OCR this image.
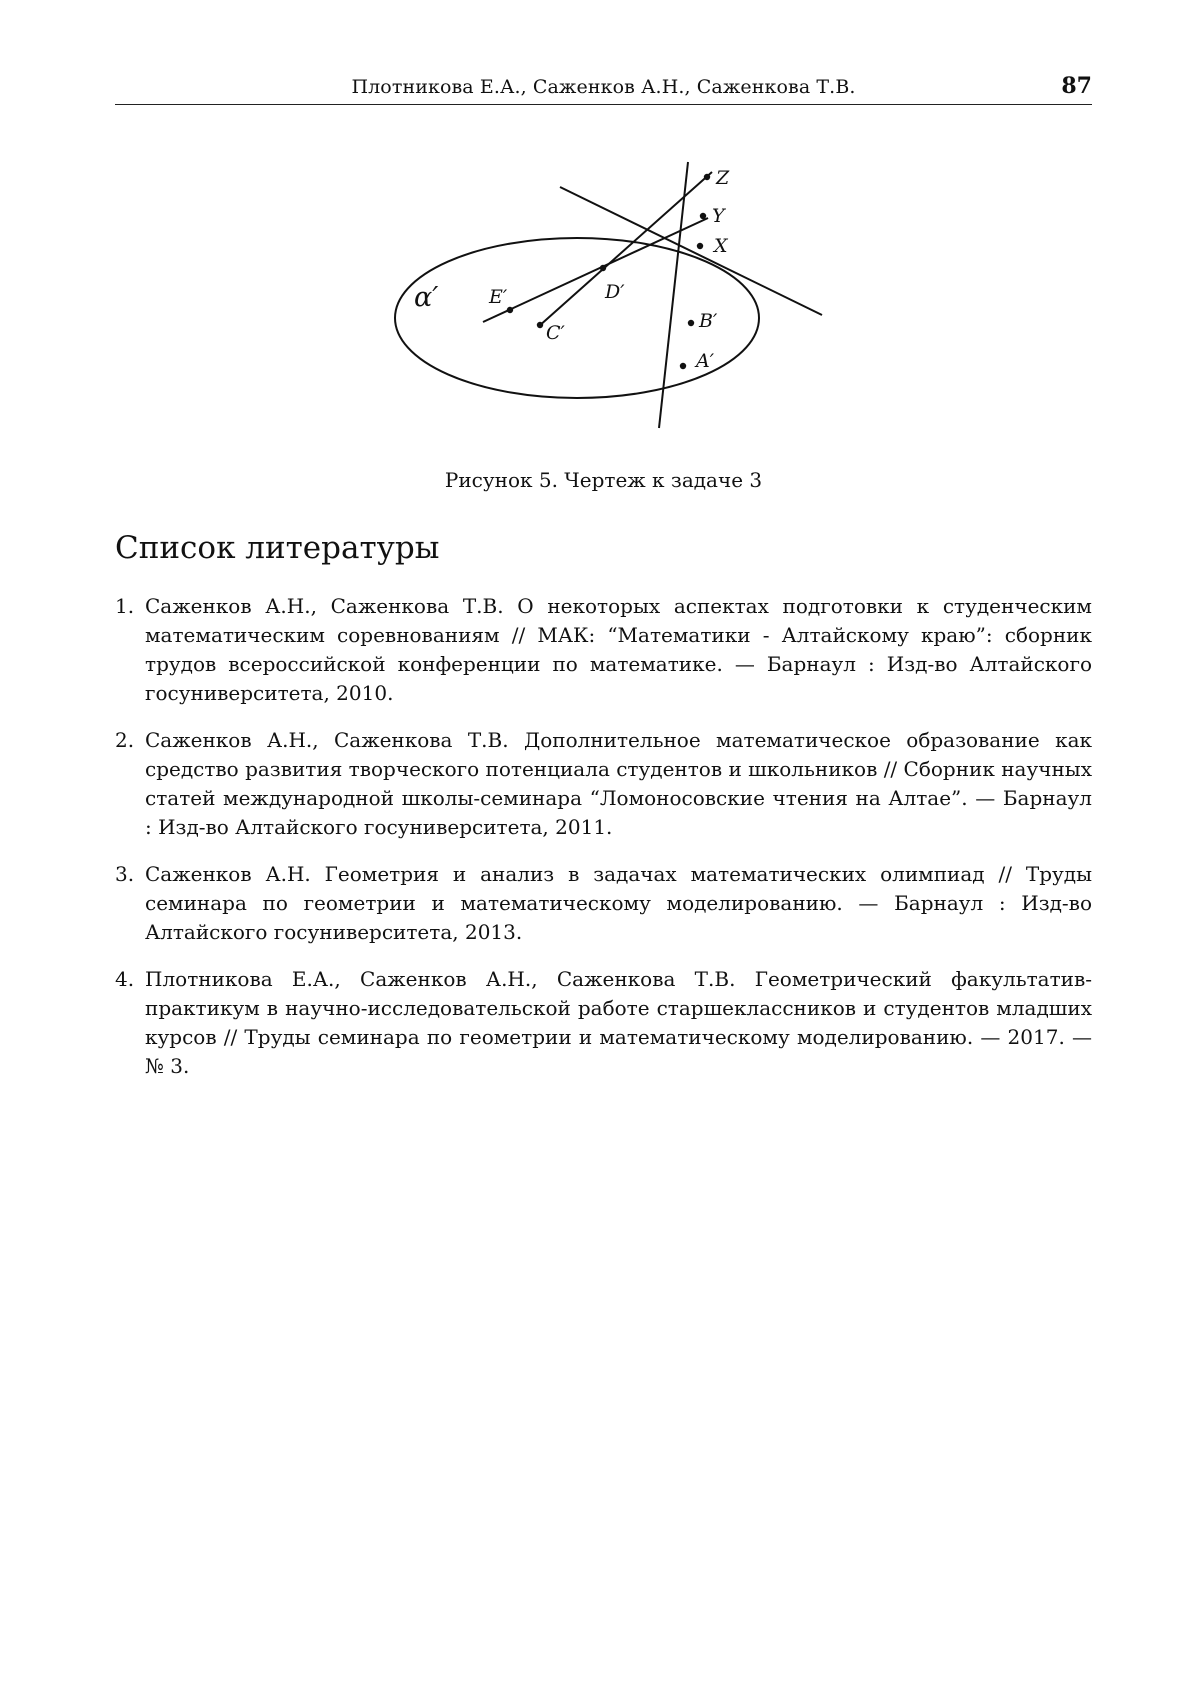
Плотникова Е.А., Саженков А.Н., Саженкова Т.В.	87
α′
Z
Y
X
D′
E′
C′
B′
A′
Рисунок 5. Чертеж к задаче 3
Список литературы
1. Саженков А.Н., Саженкова Т.В. О некоторых аспектах подготовки к студенческим математическим соревнованиям // МАК: “Математики - Алтайскому краю”: сборник трудов всероссийской конференции по математике. — Барнаул : Изд-во Алтайского госуниверситета, 2010.
2. Саженков А.Н., Саженкова Т.В. Дополнительное математическое образование как средство развития творческого потенциала студентов и школьников // Сборник научных статей международной школы-семинара “Ломоносовские чтения на Алтае”. — Барнаул : Изд-во Алтайского госуниверситета, 2011.
3. Саженков А.Н. Геометрия и анализ в задачах математических олимпиад // Труды семинара по геометрии и математическому моделированию. — Барнаул : Изд-во Алтайского госуниверситета, 2013.
4. Плотникова Е.А., Саженков А.Н., Саженкова Т.В. Геометрический факультатив-практикум в научно-исследовательской работе старшеклассников и студентов младших курсов // Труды семинара по геометрии и математическому моделированию. — 2017. — № 3.
